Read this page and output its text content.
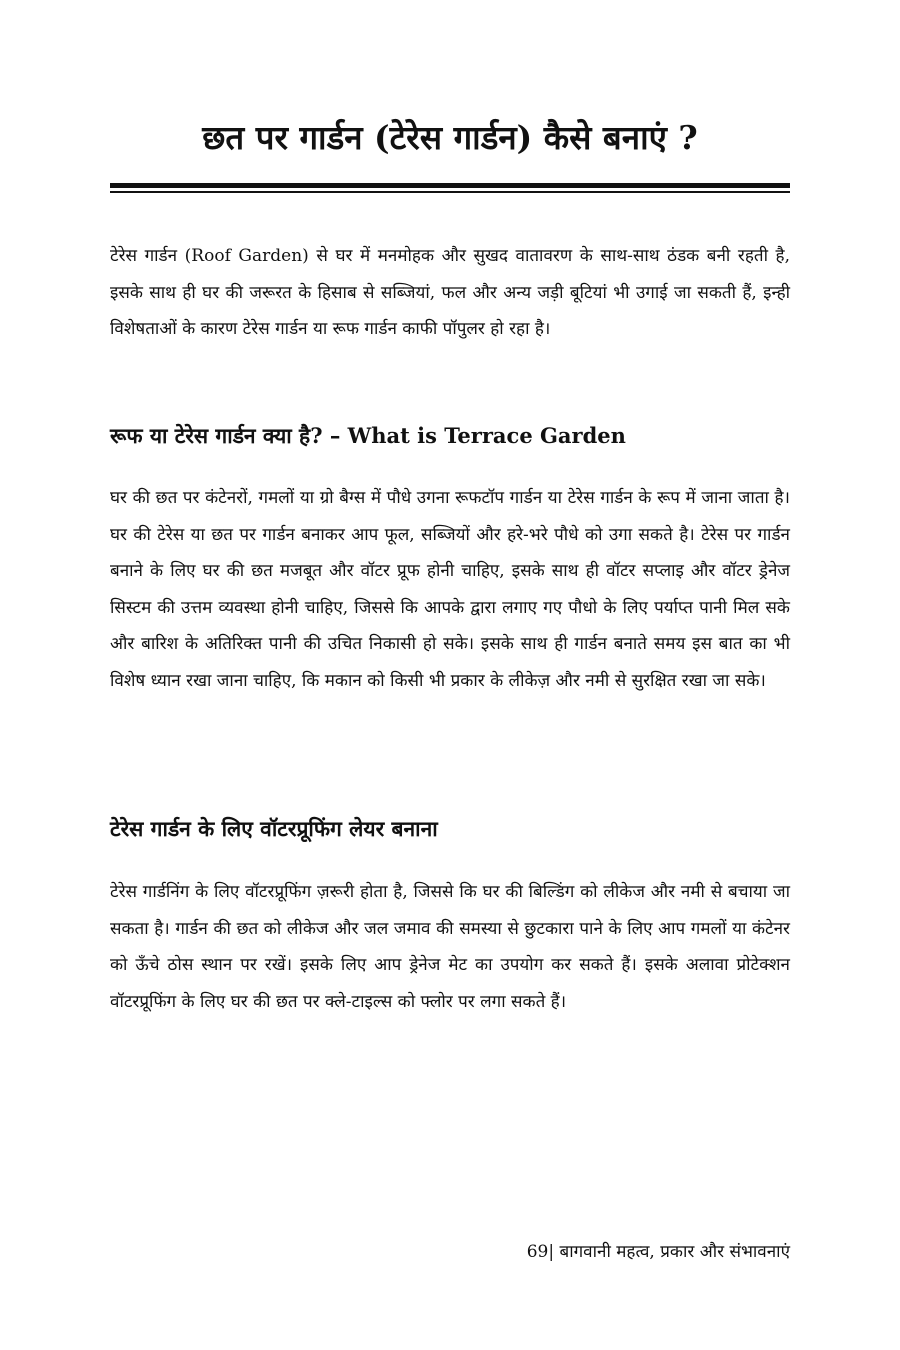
छत पर गार्डन (टेरेस गार्डन) कैसे बनाएं ?

टेरेस गार्डन (Roof Garden) से घर में मनमोहक और सुखद वातावरण के साथ-साथ ठंडक बनी रहती है, इसके साथ ही घर की जरूरत के हिसाब से सब्जियां, फल और अन्य जड़ी बूटियां भी उगाई जा सकती हैं, इन्ही विशेषताओं के कारण टेरेस गार्डन या रूफ गार्डन काफी पॉपुलर हो रहा है।

रूफ या टेरेस गार्डन क्या है? – What is Terrace Garden

घर की छत पर कंटेनरों, गमलों या ग्रो बैग्स में पौधे उगना रूफटॉप गार्डन या टेरेस गार्डन के रूप में जाना जाता है। घर की टेरेस या छत पर गार्डन बनाकर आप फूल, सब्जियों और हरे-भरे पौधे को उगा सकते है। टेरेस पर गार्डन बनाने के लिए घर की छत मजबूत और वॉटर प्रूफ होनी चाहिए, इसके साथ ही वॉटर सप्लाइ और वॉटर ड्रेनेज सिस्टम की उत्तम व्यवस्था होनी चाहिए, जिससे कि आपके द्वारा लगाए गए पौधो के लिए पर्याप्त पानी मिल सके और बारिश के अतिरिक्त पानी की उचित निकासी हो सके। इसके साथ ही गार्डन बनाते समय इस बात का भी विशेष ध्यान रखा जाना चाहिए, कि मकान को किसी भी प्रकार के लीकेज़ और नमी से सुरक्षित रखा जा सके।

टेरेस गार्डन के लिए वॉटरप्रूफिंग लेयर बनाना

टेरेस गार्डनिंग के लिए वॉटरप्रूफिंग ज़रूरी होता है, जिससे कि घर की बिल्डिंग को लीकेज और नमी से बचाया जा सकता है। गार्डन की छत को लीकेज और जल जमाव की समस्या से छुटकारा पाने के लिए आप गमलों या कंटेनर को ऊँचे ठोस स्थान पर रखें। इसके लिए आप ड्रेनेज मेट का उपयोग कर सकते हैं। इसके अलावा प्रोटेक्शन वॉटरप्रूफिंग के लिए घर की छत पर क्ले-टाइल्स को फ्लोर पर लगा सकते हैं।

69| बागवानी महत्व, प्रकार और संभावनाएं
